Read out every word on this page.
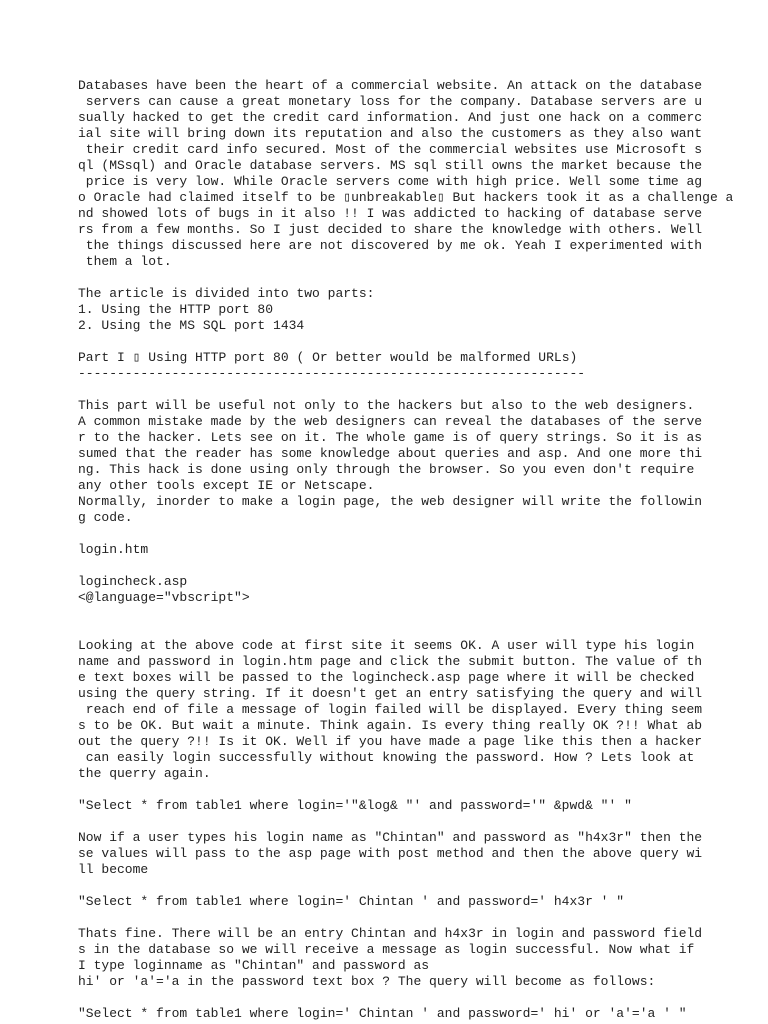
Databases have been the heart of a commercial website. An attack on the database
servers can cause a great monetary loss for the company. Database servers are u
sually hacked to get the credit card information. And just one hack on a commerc
ial site will bring down its reputation and also the customers as they also want
their credit card info secured. Most of the commercial websites use Microsoft s
ql (MSsql) and Oracle database servers. MS sql still owns the market because the
price is very low. While Oracle servers come with high price. Well some time ag
o Oracle had claimed itself to be ▯unbreakable▯ But hackers took it as a challenge a
nd showed lots of bugs in it also !! I was addicted to hacking of database serve
rs from a few months. So I just decided to share the knowledge with others. Well
the things discussed here are not discovered by me ok. Yeah I experimented with
them a lot.
The article is divided into two parts:
1. Using the HTTP port 80
2. Using the MS SQL port 1434
Part I ▯ Using HTTP port 80 ( Or better would be malformed URLs)
-----------------------------------------------------------------
This part will be useful not only to the hackers but also to the web designers.
A common mistake made by the web designers can reveal the databases of the serve
r to the hacker. Lets see on it. The whole game is of query strings. So it is as
sumed that the reader has some knowledge about queries and asp. And one more thi
ng. This hack is done using only through the browser. So you even don't require
any other tools except IE or Netscape.
Normally, inorder to make a login page, the web designer will write the followin
g code.
login.htm
logincheck.asp
<@language="vbscript">
Looking at the above code at first site it seems OK. A user will type his login
name and password in login.htm page and click the submit button. The value of th
e text boxes will be passed to the logincheck.asp page where it will be checked
using the query string. If it doesn't get an entry satisfying the query and will
reach end of file a message of login failed will be displayed. Every thing seem
s to be OK. But wait a minute. Think again. Is every thing really OK ?!! What ab
out the query ?!! Is it OK. Well if you have made a page like this then a hacker
can easily login successfully without knowing the password. How ? Lets look at
the querry again.
"Select * from table1 where login='"&log& "' and password='" &pwd& "' "
Now if a user types his login name as "Chintan" and password as "h4x3r" then the
se values will pass to the asp page with post method and then the above query wi
ll become
"Select * from table1 where login=' Chintan ' and password=' h4x3r ' "
Thats fine. There will be an entry Chintan and h4x3r in login and password field
s in the database so we will receive a message as login successful. Now what if
I type loginname as "Chintan" and password as
hi' or 'a'='a in the password text box ? The query will become as follows:
"Select * from table1 where login=' Chintan ' and password=' hi' or 'a'='a ' "
